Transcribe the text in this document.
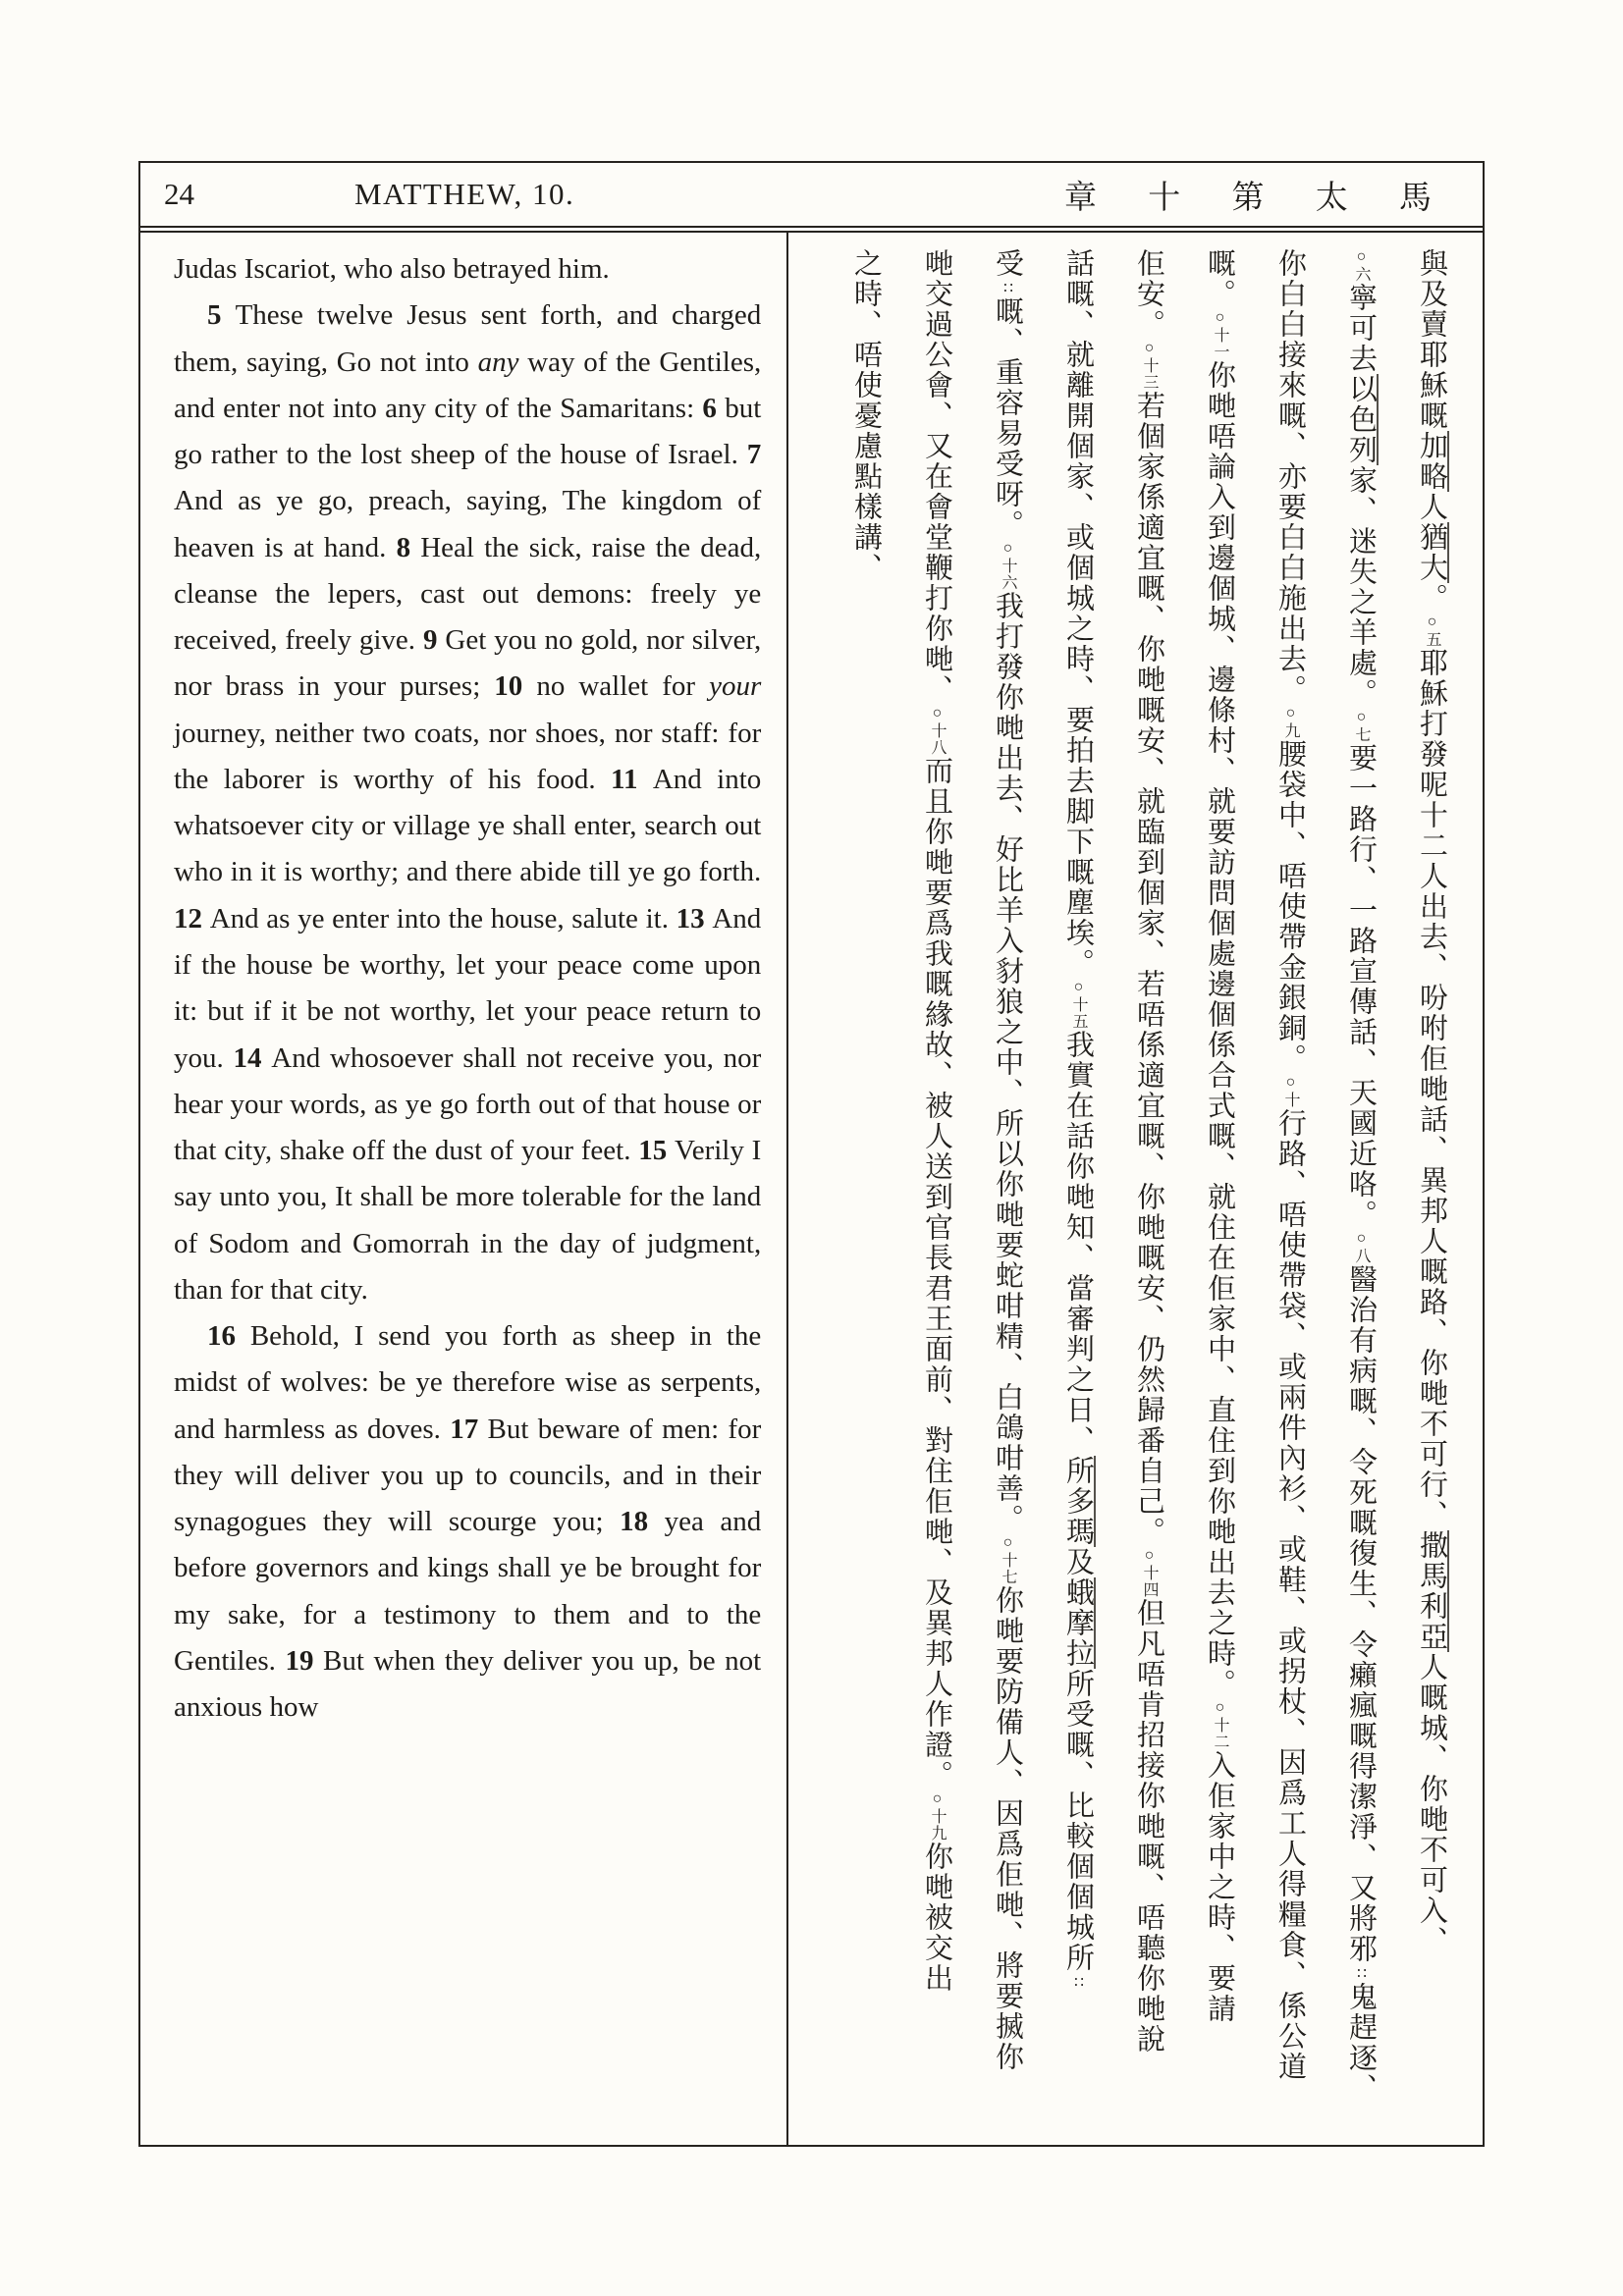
24	MATTHEW, 10.	章 十 第 太 馬

Judas Iscariot, who also betrayed him.

5 These twelve Jesus sent forth, and charged them, saying, Go not into any way of the Gentiles, and enter not into any city of the Samaritans: 6 but go rather to the lost sheep of the house of Israel. 7 And as ye go, preach, saying, The kingdom of heaven is at hand. 8 Heal the sick, raise the dead, cleanse the lepers, cast out demons: freely ye received, freely give. 9 Get you no gold, nor silver, nor brass in your purses; 10 no wallet for your journey, neither two coats, nor shoes, nor staff: for the laborer is worthy of his food. 11 And into whatsoever city or village ye shall enter, search out who in it is worthy; and there abide till ye go forth. 12 And as ye enter into the house, salute it. 13 And if the house be worthy, let your peace come upon it: but if it be not worthy, let your peace return to you. 14 And whosoever shall not receive you, nor hear your words, as ye go forth out of that house or that city, shake off the dust of your feet. 15 Verily I say unto you, It shall be more tolerable for the land of Sodom and Gomorrah in the day of judgment, than for that city.

16 Behold, I send you forth as sheep in the midst of wolves: be ye therefore wise as serpents, and harmless as doves. 17 But beware of men: for they will deliver you up to councils, and in their synagogues they will scourge you; 18 yea and before governors and kings shall ye be brought for my sake, for a testimony to them and to the Gentiles. 19 But when they deliver you up, be not anxious how

與及賣耶穌嘅加略人猶大。○五耶穌打發呢十二人出去、吩咐佢哋話、異邦人嘅路、你哋不可行、撒馬利亞人嘅城、你哋不可入、
○六寧可去以色列家、迷失之羊處。○七要一路行、一路宣傳話、天國近咯。○八醫治有病嘅、令死嘅復生、令癩瘋嘅得潔淨、又將邪∷鬼趕逐、
你白白接來嘅、亦要白白施出去。○九腰袋中、唔使帶金銀銅。○十行路、唔使帶袋、或兩件內衫、或鞋、或拐杖、因爲工人得糧食、係公道
嘅。○十一你哋唔論入到邊個城、邊條村、就要訪問個處邊個係合式嘅、就住在佢家中、直住到你哋出去之時。○十二入佢家中之時、要請
佢安。○十三若個家係適宜嘅、你哋嘅安、就臨到個家、若唔係適宜嘅、你哋嘅安、仍然歸番自己。○十四但凡唔肯招接你哋嘅、唔聽你哋說
話嘅、就離開個家、或個城之時、要拍去脚下嘅塵埃。○十五我實在話你哋知、當審判之日、所多瑪及蛾摩拉所受嘅、比較個個城所∷
受∷嘅、重容易受呀。○十六我打發你哋出去、好比羊入豺狼之中、所以你哋要蛇咁精、白鴿咁善。○十七你哋要防備人、因爲佢哋、將要搣你
哋交過公會、又在會堂鞭打你哋、○十八而且你哋要爲我嘅緣故、被人送到官長君王面前、對住佢哋、及異邦人作證。○十九你哋被交出
之時、唔使憂慮點樣講、
